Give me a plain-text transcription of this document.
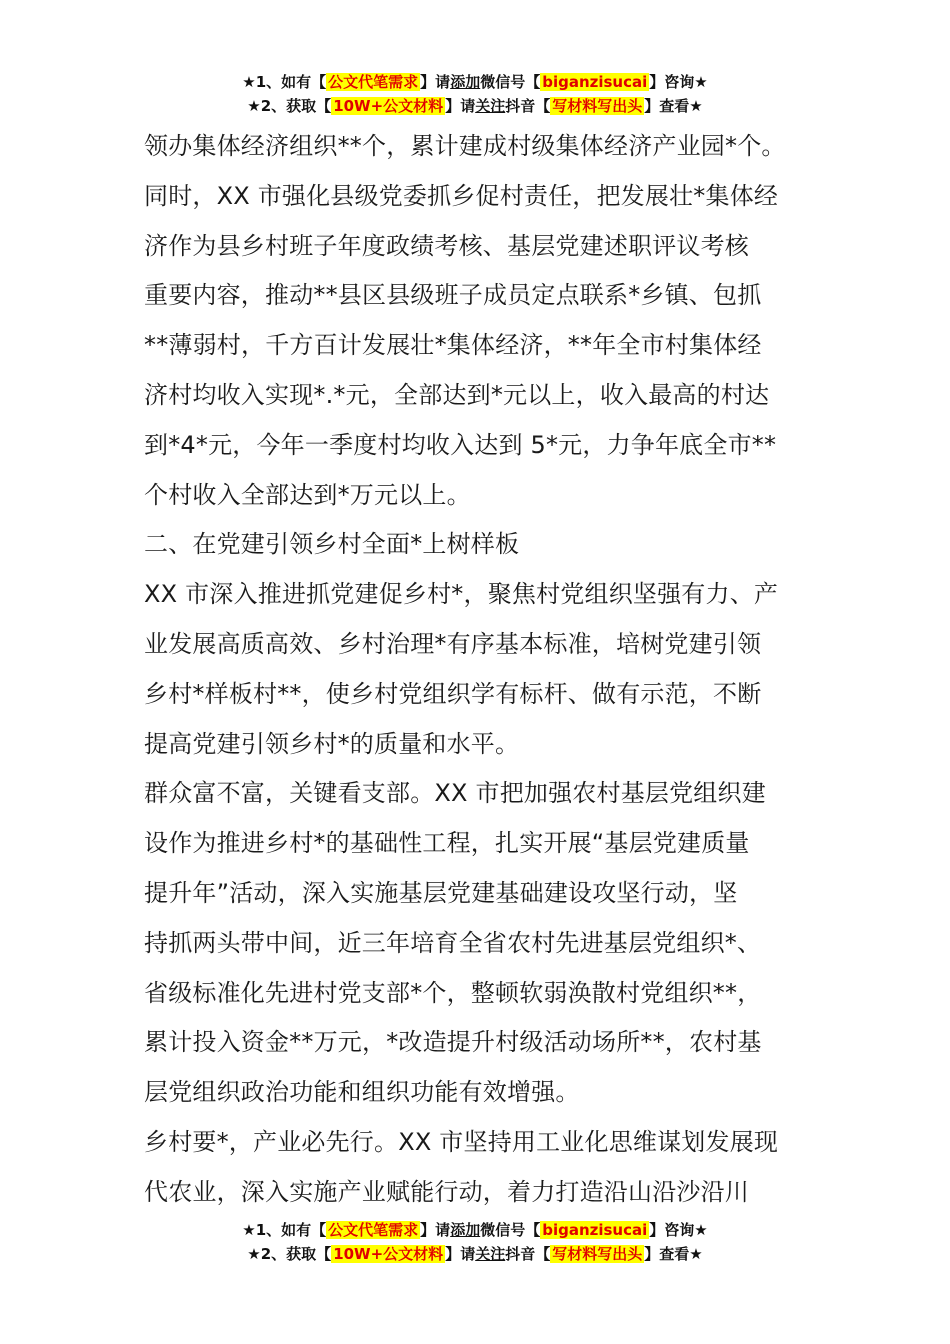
★1、如有【 公文代笔需求 】请添加微信号【 biganzisucai 】咨询★
★2、获取【 10W+公文材料 】请关注抖音【 写材料写出头 】查看★

领办集体经济组织**个，累计建成村级集体经济产业园*个。

同时，XX 市强化县级党委抓乡促村责任，把发展壮*集体经

济作为县乡村班子年度政绩考核、基层党建述职评议考核

重要内容，推动**县区县级班子成员定点联系*乡镇、包抓

**薄弱村，千方百计发展壮*集体经济，**年全市村集体经

济村均收入实现*.*元，全部达到*元以上，收入最高的村达

到*4*元，今年一季度村均收入达到 5*元，力争年底全市**

个村收入全部达到*万元以上。

二、在党建引领乡村全面*上树样板

XX 市深入推进抓党建促乡村*，聚焦村党组织坚强有力、产

业发展高质高效、乡村治理*有序基本标准，培树党建引领

乡村*样板村**，使乡村党组织学有标杆、做有示范，不断

提高党建引领乡村*的质量和水平。

群众富不富，关键看支部。XX 市把加强农村基层党组织建

设作为推进乡村*的基础性工程，扎实开展“基层党建质量

提升年”活动，深入实施基层党建基础建设攻坚行动，坚

持抓两头带中间，近三年培育全省农村先进基层党组织*、

省级标准化先进村党支部*个，整顿软弱涣散村党组织**，

累计投入资金**万元，*改造提升村级活动场所**，农村基

层党组织政治功能和组织功能有效增强。

乡村要*，产业必先行。XX 市坚持用工业化思维谋划发展现

代农业，深入实施产业赋能行动，着力打造沿山沿沙沿川

★1、如有【 公文代笔需求 】请添加微信号【 biganzisucai 】咨询★
★2、获取【 10W+公文材料 】请关注抖音【 写材料写出头 】查看★
